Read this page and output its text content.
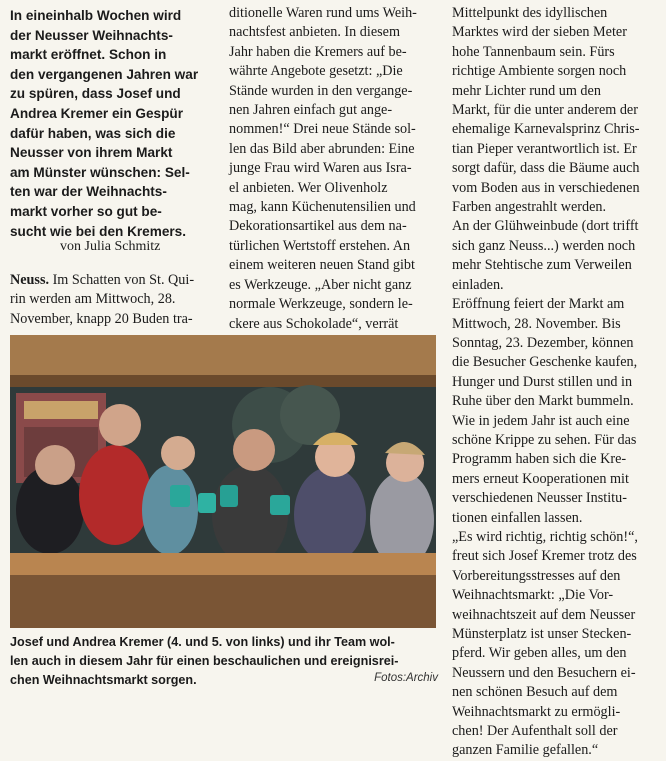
In eineinhalb Wochen wird
der Neusser Weihnachts-
markt eröffnet. Schon in
den vergangenen Jahren war
zu spüren, dass Josef und
Andrea Kremer ein Gespür
dafür haben, was sich die
Neusser von ihrem Markt
am Münster wünschen: Sel-
ten war der Weihnachts-
markt vorher so gut be-
sucht wie bei den Kremers.
von Julia Schmitz
Neuss. Im Schatten von St. Qui-
rin werden am Mittwoch, 28.
November, knapp 20 Buden tra-
ditionelle Waren rund ums Weih-
nachtsfest anbieten. In diesem
Jahr haben die Kremers auf be-
währte Angebote gesetzt: „Die
Stände wurden in den vergange-
nen Jahren einfach gut ange-
nommen!“ Drei neue Stände sol-
len das Bild aber abrunden: Eine
junge Frau wird Waren aus Isra-
el anbieten. Wer Olivenholz
mag, kann Küchenutensilien und
Dekorationsartikel aus dem na-
türlichen Wertstoff erstehen. An
einem weiteren neuen Stand gibt
es Werkzeuge. „Aber nicht ganz
normale Werkzeuge, sondern le-
ckere aus Schokolade“, verrät
Mittelpunkt des idyllischen
Marktes wird der sieben Meter
hohe Tannenbaum sein. Fürs
richtige Ambiente sorgen noch
mehr Lichter rund um den
Markt, für die unter anderem der
ehemalige Karnevalsprinz Chris-
tian Pieper verantwortlich ist. Er
sorgt dafür, dass die Bäume auch
vom Boden aus in verschiedenen
Farben angestrahlt werden.
An der Glühweinbude (dort trifft
sich ganz Neuss...) werden noch
mehr Stehtische zum Verweilen
einladen.
Eröffnung feiert der Markt am
Mittwoch, 28. November. Bis
Sonntag, 23. Dezember, können
die Besucher Geschenke kaufen,
Hunger und Durst stillen und in
Ruhe über den Markt bummeln.
Wie in jedem Jahr ist auch eine
schöne Krippe zu sehen. Für das
Programm haben sich die Kre-
mers erneut Kooperationen mit
verschiedenen Neusser Institu-
tionen einfallen lassen.
„Es wird richtig, richtig schön!“,
freut sich Josef Kremer trotz des
Vorbereitungsstresses auf den
Weihnachtsmarkt: „Die Vor-
weihnachtszeit auf dem Neusser
Münsterplatz ist unser Stecken-
pferd. Wir geben alles, um den
Neussern und den Besuchern ei-
nen schönen Besuch auf dem
Weihnachtsmarkt zu ermögli-
chen! Der Aufenthalt soll der
ganzen Familie gefallen.“
Josef und Andrea Kremer (4. und 5. von links) und ihr Team wol-
len auch in diesem Jahr für einen beschaulichen und ereignisrei-
chen Weihnachtsmarkt sorgen.	Fotos:Archiv
